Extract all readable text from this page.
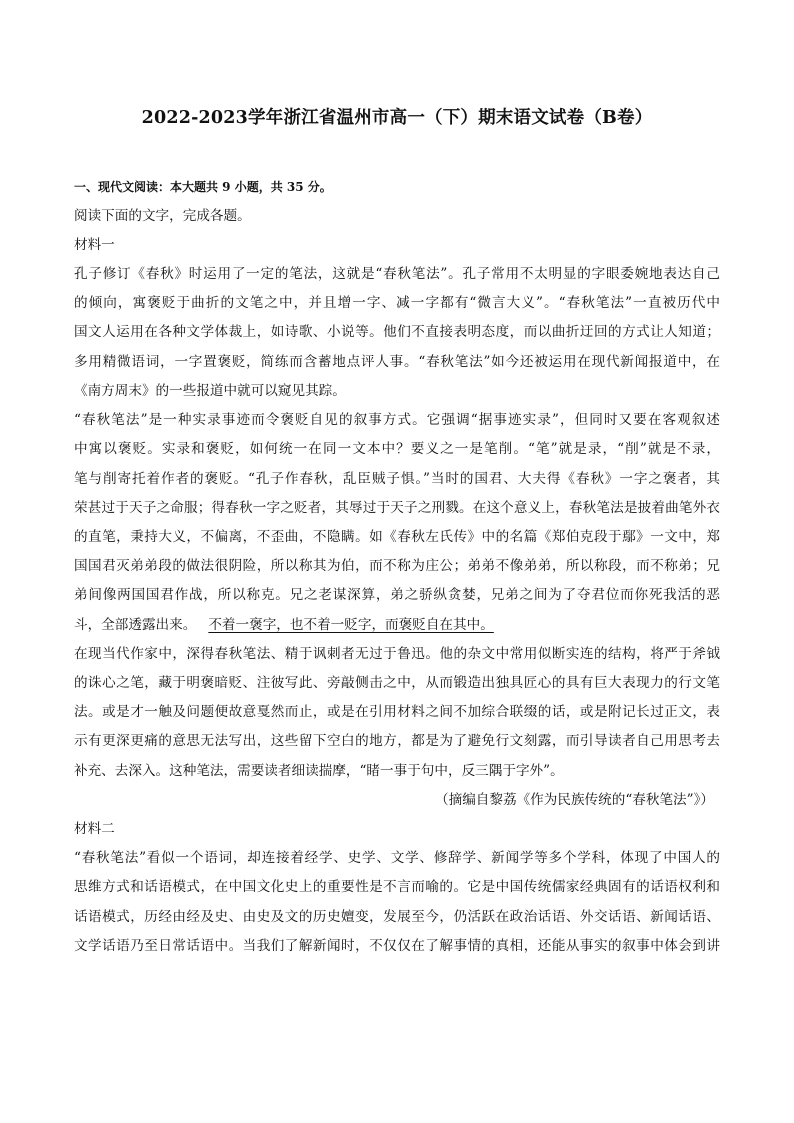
2022-2023学年浙江省温州市高一（下）期末语文试卷（B卷）
一、现代文阅读：本大题共 9 小题，共 35 分。
阅读下面的文字，完成各题。
材料一
孔子修订《春秋》时运用了一定的笔法，这就是“春秋笔法”。孔子常用不太明显的字眼委婉地表达自己
的倾向，寓褒贬于曲折的文笔之中，并且增一字、减一字都有“微言大义”。“春秋笔法”一直被历代中
国文人运用在各种文学体裁上，如诗歌、小说等。他们不直接表明态度，而以曲折迂回的方式让人知道；
多用精微语词，一字置褒贬，简练而含蓄地点评人事。“春秋笔法”如今还被运用在现代新闻报道中，在
《南方周末》的一些报道中就可以窥见其踪。
“春秋笔法”是一种实录事迹而令褒贬自见的叙事方式。它强调“据事迹实录”，但同时又要在客观叙述
中寓以褒贬。实录和褒贬，如何统一在同一文本中？要义之一是笔削。“笔”就是录，“削”就是不录，
笔与削寄托着作者的褒贬。“孔子作春秋，乱臣贼子惧。”当时的国君、大夫得《春秋》一字之褒者，其
荣甚过于天子之命服；得春秋一字之贬者，其辱过于天子之刑戮。在这个意义上，春秋笔法是披着曲笔外衣
的直笔，秉持大义，不偏离，不歪曲，不隐瞒。如《春秋左氏传》中的名篇《郑伯克段于鄢》一文中，郑
国国君灭弟弟段的做法很阴险，所以称其为伯，而不称为庄公；弟弟不像弟弟，所以称段，而不称弟；兄
弟间像两国国君作战，所以称克。兄之老谋深算，弟之骄纵贪婪，兄弟之间为了夺君位而你死我活的恶
斗，全部透露出来。 不着一褒字，也不着一贬字，而褒贬自在其中。
在现当代作家中，深得春秋笔法、精于讽刺者无过于鲁迅。他的杂文中常用似断实连的结构，将严于斧钺
的诛心之笔，藏于明褒暗贬、注彼写此、旁敲侧击之中，从而锻造出独具匠心的具有巨大表现力的行文笔
法。或是才一触及问题便故意戛然而止，或是在引用材料之间不加综合联缀的话，或是附记长过正文，表
示有更深更痛的意思无法写出，这些留下空白的地方，都是为了避免行文刻露，而引导读者自己用思考去
补充、去深入。这种笔法，需要读者细读揣摩，“睹一事于句中，反三隅于字外”。
（摘编自黎荔《作为民族传统的“春秋笔法”》）
材料二
“春秋笔法”看似一个语词，却连接着经学、史学、文学、修辞学、新闻学等多个学科，体现了中国人的
思维方式和话语模式，在中国文化史上的重要性是不言而喻的。它是中国传统儒家经典固有的话语权利和
话语模式，历经由经及史、由史及文的历史嬗变，发展至今，仍活跃在政治话语、外交话语、新闻话语、
文学话语乃至日常话语中。当我们了解新闻时，不仅仅在了解事情的真相，还能从事实的叙事中体会到讲
